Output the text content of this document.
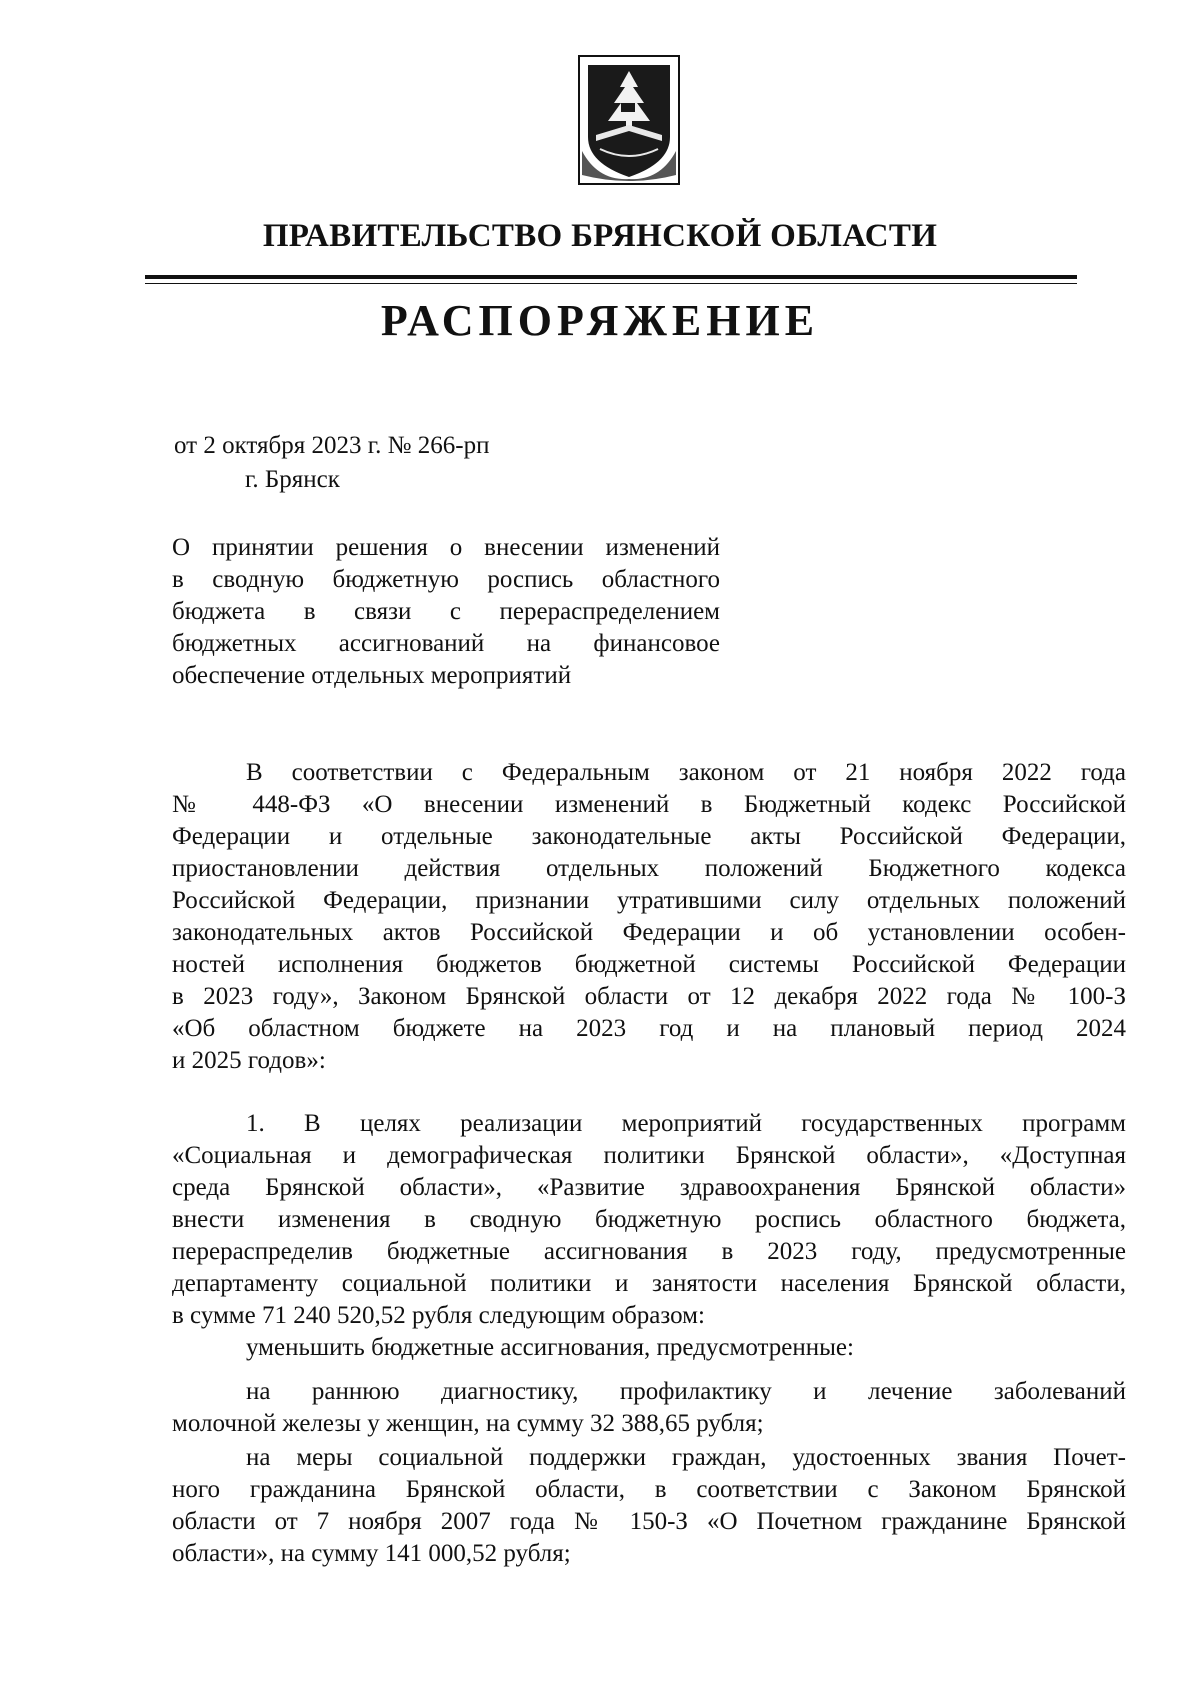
ПРАВИТЕЛЬСТВО БРЯНСКОЙ ОБЛАСТИ
РАСПОРЯЖЕНИЕ
от 2 октября 2023 г. № 266-рп
г. Брянск
О принятии решения о внесении изменений
в сводную бюджетную роспись областного
бюджета в связи с перераспределением
бюджетных ассигнований на финансовое
обеспечение отдельных мероприятий
В соответствии с Федеральным законом от 21 ноября 2022 года
№ 448-ФЗ «О внесении изменений в Бюджетный кодекс Российской
Федерации и отдельные законодательные акты Российской Федерации,
приостановлении действия отдельных положений Бюджетного кодекса
Российской Федерации, признании утратившими силу отдельных положений
законодательных актов Российской Федерации и об установлении особен-
ностей исполнения бюджетов бюджетной системы Российской Федерации
в 2023 году», Законом Брянской области от 12 декабря 2022 года № 100-З
«Об областном бюджете на 2023 год и на плановый период 2024
и 2025 годов»:
1. В целях реализации мероприятий государственных программ
«Социальная и демографическая политики Брянской области», «Доступная
среда Брянской области», «Развитие здравоохранения Брянской области»
внести изменения в сводную бюджетную роспись областного бюджета,
перераспределив бюджетные ассигнования в 2023 году, предусмотренные
департаменту социальной политики и занятости населения Брянской области,
в сумме 71 240 520,52 рубля следующим образом:
уменьшить бюджетные ассигнования, предусмотренные:
на раннюю диагностику, профилактику и лечение заболеваний
молочной железы у женщин, на сумму 32 388,65 рубля;
на меры социальной поддержки граждан, удостоенных звания Почет-
ного гражданина Брянской области, в соответствии с Законом Брянской
области от 7 ноября 2007 года № 150-З «О Почетном гражданине Брянской
области», на сумму 141 000,52 рубля;
